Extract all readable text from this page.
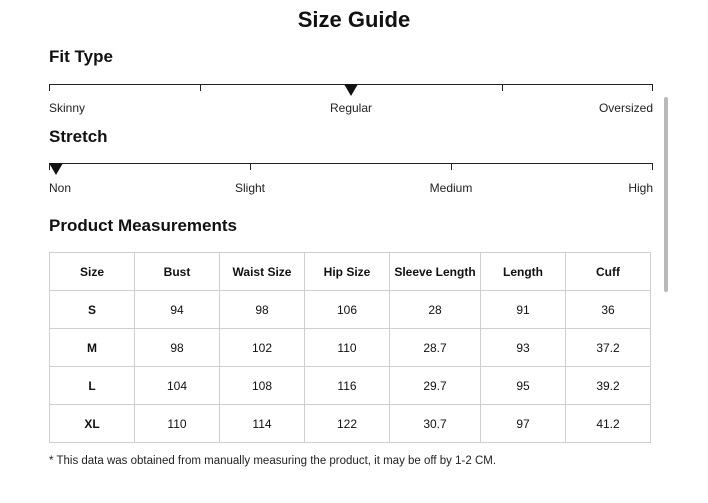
Size Guide
Fit Type
Skinny	Regular	Oversized
Stretch
Non	Slight	Medium	High
Product Measurements
Size	Bust	Waist Size	Hip Size	Sleeve Length	Length	Cuff
S	94	98	106	28	91	36
M	98	102	110	28.7	93	37.2
L	104	108	116	29.7	95	39.2
XL	110	114	122	30.7	97	41.2
* This data was obtained from manually measuring the product, it may be off by 1-2 CM.
